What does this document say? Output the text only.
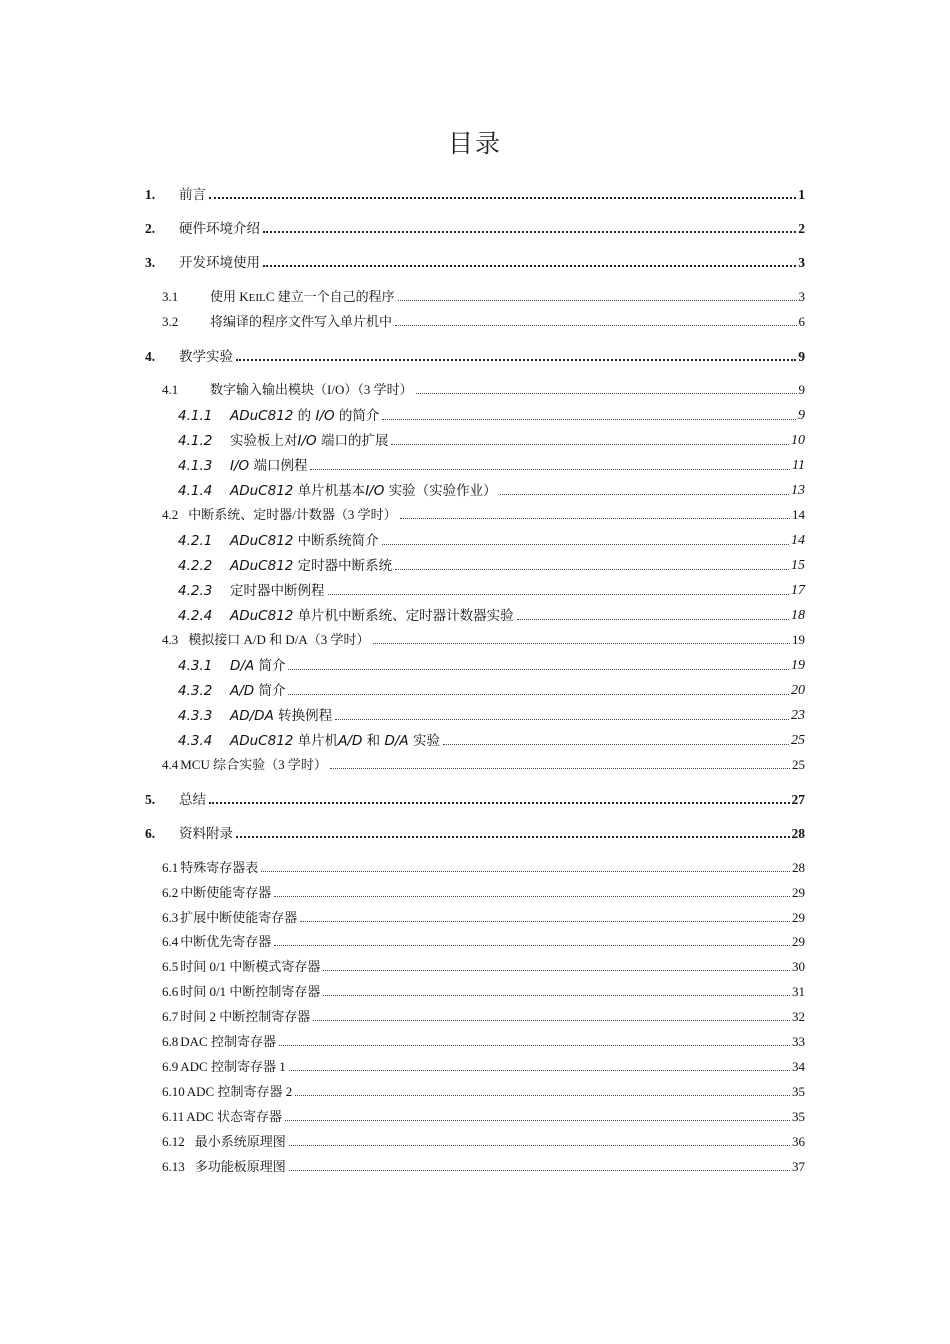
目录
1.	前言	1
2.	硬件环境介绍	2
3.	开发环境使用	3
3.1	使用 KEILC 建立一个自己的程序	3
3.2	将编译的程序文件写入单片机中	6
4.	教学实验	9
4.1	数字输入输出模块（I/O）（3 学时）	9
4.1.1	ADuC812 的 I/O 的简介	9
4.1.2	实验板上对I/O 端口的扩展	10
4.1.3	I/O 端口例程	11
4.1.4	ADuC812 单片机基本I/O 实验（实验作业）	13
4.2 中断系统、定时器/计数器（3 学时）	14
4.2.1	ADuC812 中断系统简介	14
4.2.2	ADuC812 定时器中断系统	15
4.2.3	定时器中断例程	17
4.2.4	ADuC812 单片机中断系统、定时器计数器实验	18
4.3 模拟接口 A/D 和 D/A（3 学时）	19
4.3.1	D/A 简介	19
4.3.2	A/D 简介	20
4.3.3	AD/DA 转换例程	23
4.3.4	ADuC812 单片机A/D 和 D/A 实验	25
4.4 MCU 综合实验（3 学时）	25
5.	总结	27
6.	资料附录	28
6.1 特殊寄存器表	28
6.2 中断使能寄存器	29
6.3 扩展中断使能寄存器	29
6.4 中断优先寄存器	29
6.5 时间 0/1 中断模式寄存器	30
6.6 时间 0/1 中断控制寄存器	31
6.7 时间 2 中断控制寄存器	32
6.8 DAC 控制寄存器	33
6.9 ADC 控制寄存器 1	34
6.10 ADC 控制寄存器 2	35
6.11 ADC 状态寄存器	35
6.12 最小系统原理图	36
6.13 多功能板原理图	37
